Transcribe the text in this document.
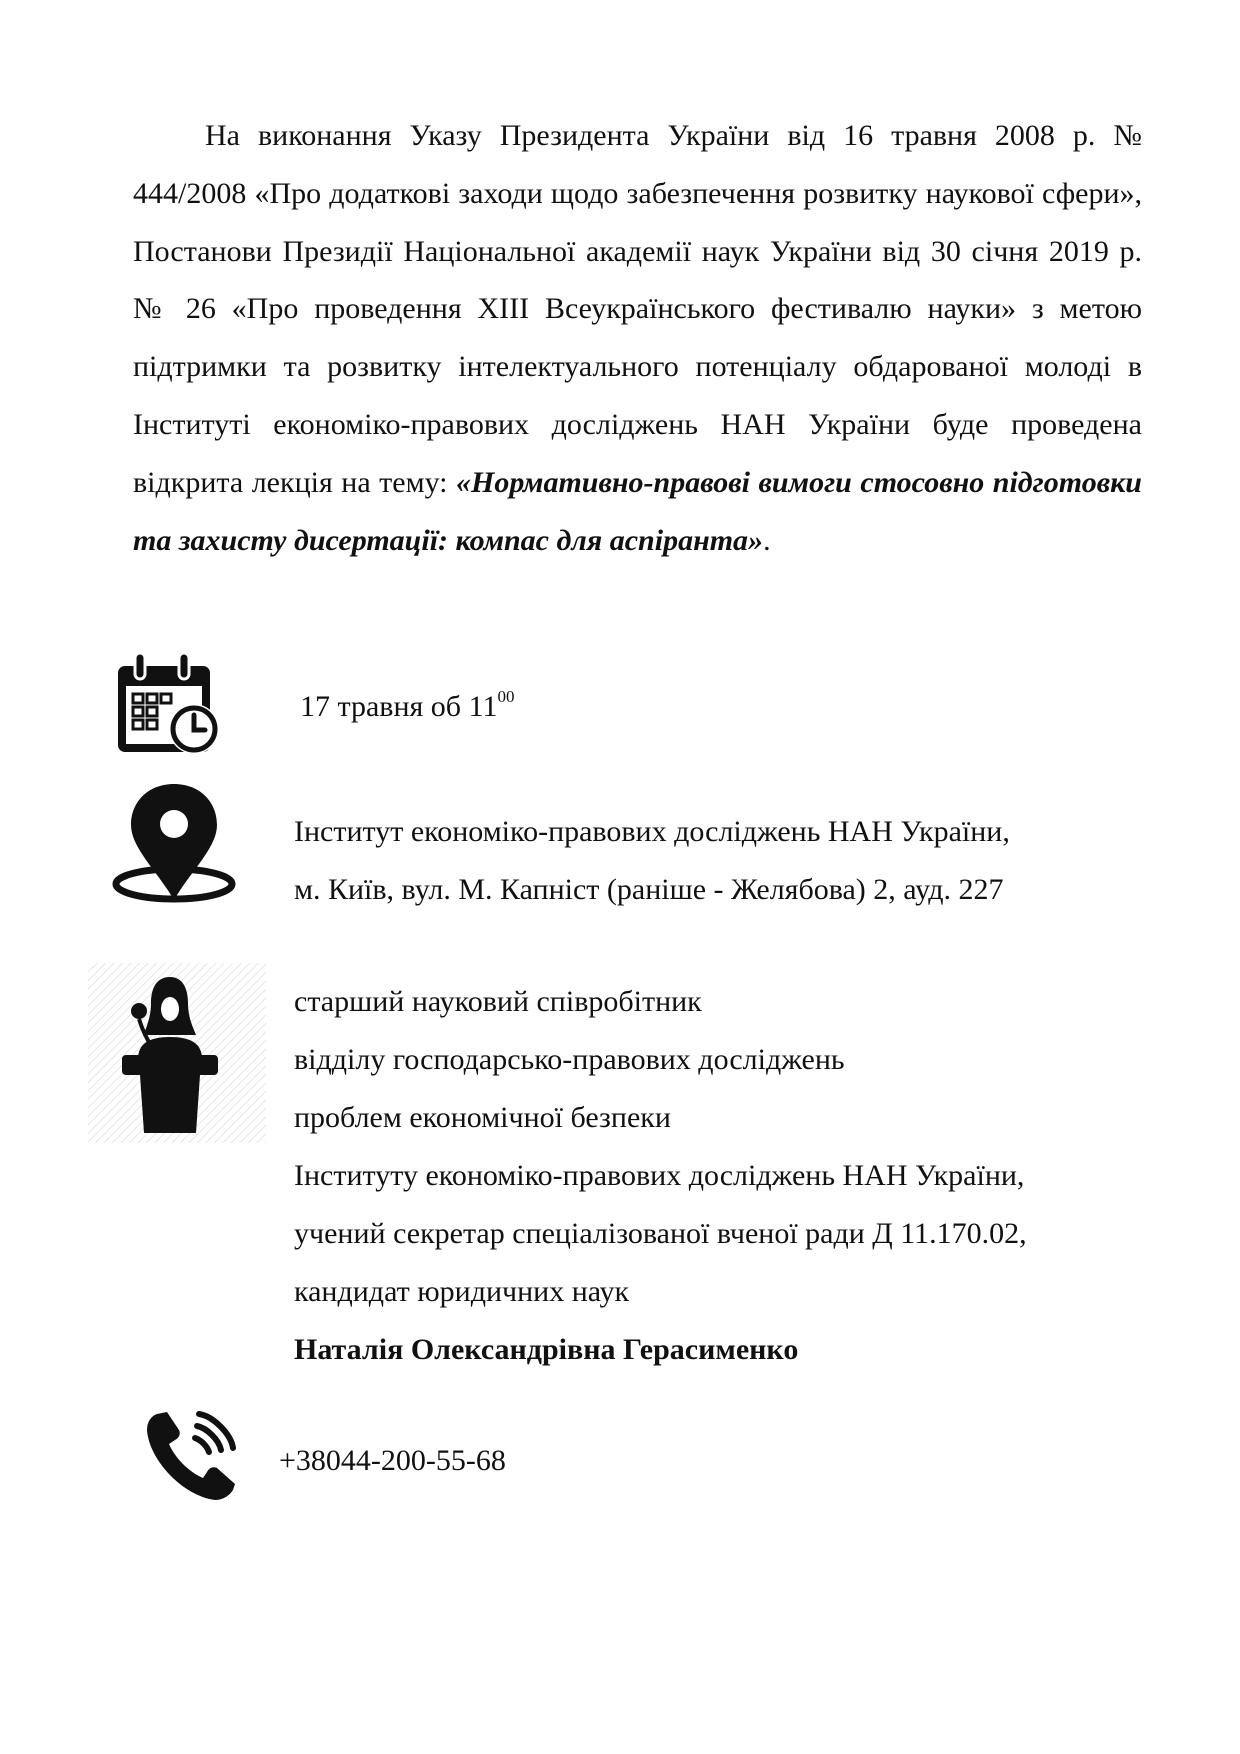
На виконання Указу Президента України від 16 травня 2008 р. № 444/2008 «Про додаткові заходи щодо забезпечення розвитку наукової сфери», Постанови Президії Національної академії наук України від 30 січня 2019 р. № 26 «Про проведення XIII Всеукраїнського фестивалю науки» з метою підтримки та розвитку інтелектуального потенціалу обдарованої молоді в Інституті економіко-правових досліджень НАН України буде проведена відкрита лекція на тему: «Нормативно-правові вимоги стосовно підготовки та захисту дисертації: компас для аспіранта».
17 травня об $11^{00}$
Інститут економіко-правових досліджень НАН України,
м. Київ, вул. М. Капніст (раніше - Желябова) 2, ауд. 227
старший науковий співробітник
відділу господарсько-правових досліджень
проблем економічної безпеки
Інституту економіко-правових досліджень НАН України,
учений секретар спеціалізованої вченої ради Д 11.170.02,
кандидат юридичних наук
Наталія Олександрівна Герасименко
+38044-200-55-68
